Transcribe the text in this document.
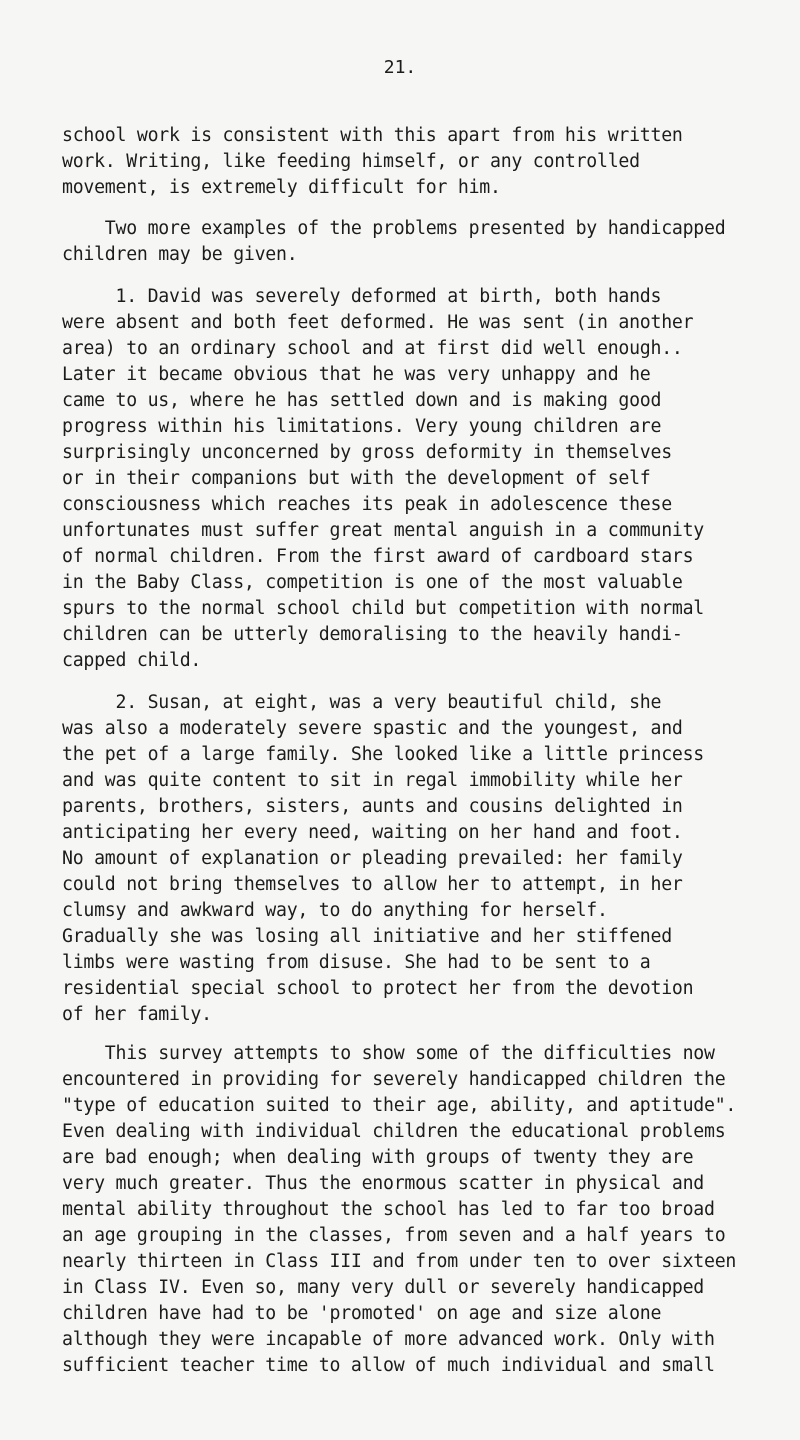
21.
school work is consistent with this apart from his written
work. Writing, like feeding himself, or any controlled
movement, is extremely difficult for him.
Two more examples of the problems presented by handicapped
children may be given.
1. David was severely deformed at birth, both hands
were absent and both feet deformed. He was sent (in another
area) to an ordinary school and at first did well enough..
Later it became obvious that he was very unhappy and he
came to us, where he has settled down and is making good
progress within his limitations. Very young children are
surprisingly unconcerned by gross deformity in themselves
or in their companions but with the development of self
consciousness which reaches its peak in adolescence these
unfortunates must suffer great mental anguish in a community
of normal children. From the first award of cardboard stars
in the Baby Class, competition is one of the most valuable
spurs to the normal school child but competition with normal
children can be utterly demoralising to the heavily handi-
capped child.
2. Susan, at eight, was a very beautiful child, she
was also a moderately severe spastic and the youngest, and
the pet of a large family. She looked like a little princess
and was quite content to sit in regal immobility while her
parents, brothers, sisters, aunts and cousins delighted in
anticipating her every need, waiting on her hand and foot.
No amount of explanation or pleading prevailed: her family
could not bring themselves to allow her to attempt, in her
clumsy and awkward way, to do anything for herself.
Gradually she was losing all initiative and her stiffened
limbs were wasting from disuse. She had to be sent to a
residential special school to protect her from the devotion
of her family.
This survey attempts to show some of the difficulties now
encountered in providing for severely handicapped children the
"type of education suited to their age, ability, and aptitude".
Even dealing with individual children the educational problems
are bad enough; when dealing with groups of twenty they are
very much greater. Thus the enormous scatter in physical and
mental ability throughout the school has led to far too broad
an age grouping in the classes, from seven and a half years to
nearly thirteen in Class III and from under ten to over sixteen
in Class IV. Even so, many very dull or severely handicapped
children have had to be 'promoted' on age and size alone
although they were incapable of more advanced work. Only with
sufficient teacher time to allow of much individual and small
